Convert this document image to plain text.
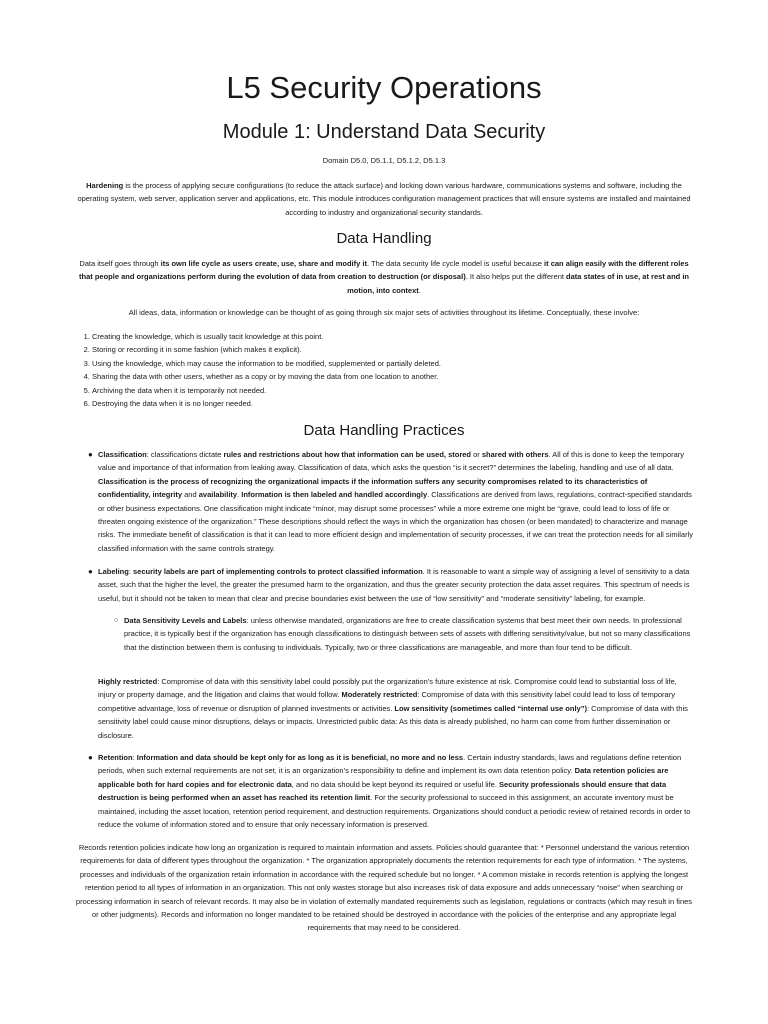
L5 Security Operations
Module 1: Understand Data Security
Domain D5.0, D5.1.1, D5.1.2, D5.1.3

Hardening is the process of applying secure configurations (to reduce the attack surface) and locking down various hardware, communications systems and software, including the operating system, web server, application server and applications, etc. This module introduces configuration management practices that will ensure systems are installed and maintained according to industry and organizational security standards.

Data Handling

Data itself goes through its own life cycle as users create, use, share and modify it. The data security life cycle model is useful because it can align easily with the different roles that people and organizations perform during the evolution of data from creation to destruction (or disposal). It also helps put the different data states of in use, at rest and in motion, into context.

All ideas, data, information or knowledge can be thought of as going through six major sets of activities throughout its lifetime. Conceptually, these involve:

1. Creating the knowledge, which is usually tacit knowledge at this point.
2. Storing or recording it in some fashion (which makes it explicit).
3. Using the knowledge, which may cause the information to be modified, supplemented or partially deleted.
4. Sharing the data with other users, whether as a copy or by moving the data from one location to another.
5. Archiving the data when it is temporarily not needed.
6. Destroying the data when it is no longer needed.
Data Handling Practices
● Classification: classifications dictate rules and restrictions about how that information can be used, stored or shared with others. All of this is done to keep the temporary value and importance of that information from leaking away. Classification of data, which asks the question “is it secret?” determines the labeling, handling and use of all data. Classification is the process of recognizing the organizational impacts if the information suffers any security compromises related to its characteristics of confidentiality, integrity and availability. Information is then labeled and handled accordingly. Classifications are derived from laws, regulations, contract-specified standards or other business expectations. One classification might indicate “minor, may disrupt some processes” while a more extreme one might be “grave, could lead to loss of life or threaten ongoing existence of the organization.” These descriptions should reflect the ways in which the organization has chosen (or been mandated) to characterize and manage risks. The immediate benefit of classification is that it can lead to more efficient design and implementation of security processes, if we can treat the protection needs for all similarly classified information with the same controls strategy.
● Labeling: security labels are part of implementing controls to protect classified information. It is reasonable to want a simple way of assigning a level of sensitivity to a data asset, such that the higher the level, the greater the presumed harm to the organization, and thus the greater security protection the data asset requires. This spectrum of needs is useful, but it should not be taken to mean that clear and precise boundaries exist between the use of “low sensitivity” and “moderate sensitivity” labeling, for example.
○ Data Sensitivity Levels and Labels: unless otherwise mandated, organizations are free to create classification systems that best meet their own needs. In professional practice, it is typically best if the organization has enough classifications to distinguish between sets of assets with differing sensitivity/value, but not so many classifications that the distinction between them is confusing to individuals. Typically, two or three classifications are manageable, and more than four tend to be difficult.

Highly restricted: Compromise of data with this sensitivity label could possibly put the organization’s future existence at risk. Compromise could lead to substantial loss of life, injury or property damage, and the litigation and claims that would follow. Moderately restricted: Compromise of data with this sensitivity label could lead to loss of temporary competitive advantage, loss of revenue or disruption of planned investments or activities. Low sensitivity (sometimes called “internal use only”): Compromise of data with this sensitivity label could cause minor disruptions, delays or impacts. Unrestricted public data: As this data is already published, no harm can come from further dissemination or disclosure.

● Retention: Information and data should be kept only for as long as it is beneficial, no more and no less. Certain industry standards, laws and regulations define retention periods, when such external requirements are not set, it is an organization’s responsibility to define and implement its own data retention policy. Data retention policies are applicable both for hard copies and for electronic data, and no data should be kept beyond its required or useful life. Security professionals should ensure that data destruction is being performed when an asset has reached its retention limit. For the security professional to succeed in this assignment, an accurate inventory must be maintained, including the asset location, retention period requirement, and destruction requirements. Organizations should conduct a periodic review of retained records in order to reduce the volume of information stored and to ensure that only necessary information is preserved.

Records retention policies indicate how long an organization is required to maintain information and assets. Policies should guarantee that: * Personnel understand the various retention requirements for data of different types throughout the organization. * The organization appropriately documents the retention requirements for each type of information. * The systems, processes and individuals of the organization retain information in accordance with the required schedule but no longer. * A common mistake in records retention is applying the longest retention period to all types of information in an organization. This not only wastes storage but also increases risk of data exposure and adds unnecessary “noise” when searching or processing information in search of relevant records. It may also be in violation of externally mandated requirements such as legislation, regulations or contracts (which may result in fines or other judgments). Records and information no longer mandated to be retained should be destroyed in accordance with the policies of the enterprise and any appropriate legal requirements that may need to be considered.
